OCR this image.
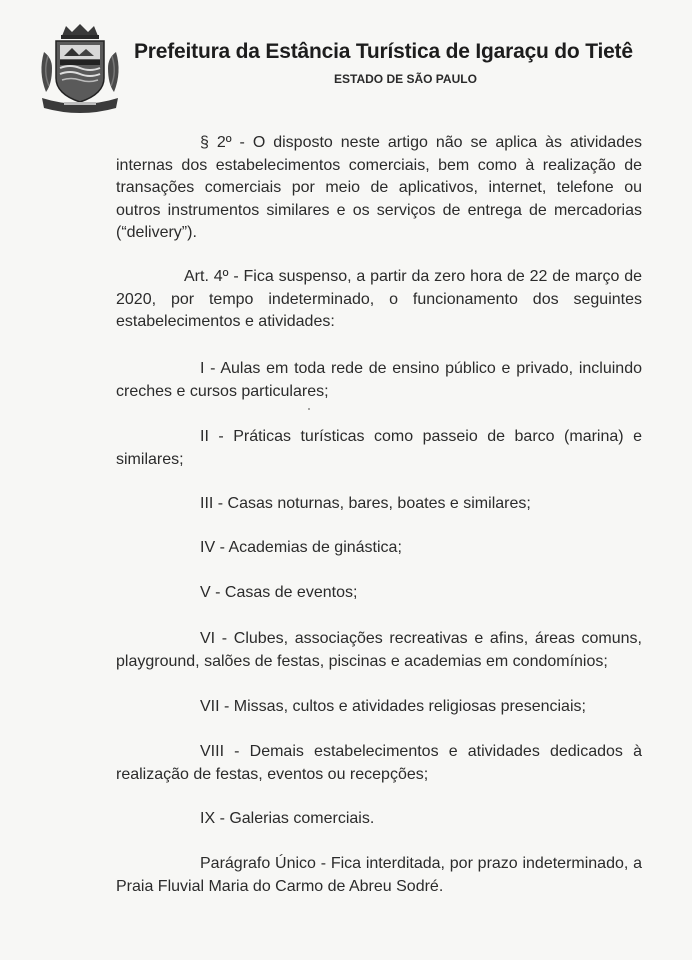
Prefeitura da Estância Turística de Igaraçu do Tietê
ESTADO DE SÃO PAULO

§ 2º - O disposto neste artigo não se aplica às atividades internas dos estabelecimentos comerciais, bem como à realização de transações comerciais por meio de aplicativos, internet, telefone ou outros instrumentos similares e os serviços de entrega de mercadorias (“delivery”).

Art. 4º - Fica suspenso, a partir da zero hora de 22 de março de 2020, por tempo indeterminado, o funcionamento dos seguintes estabelecimentos e atividades:

I - Aulas em toda rede de ensino público e privado, incluindo creches e cursos particulares;

II - Práticas turísticas como passeio de barco (marina) e similares;

III - Casas noturnas, bares, boates e similares;

IV - Academias de ginástica;

V - Casas de eventos;

VI - Clubes, associações recreativas e afins, áreas comuns, playground, salões de festas, piscinas e academias em condomínios;

VII - Missas, cultos e atividades religiosas presenciais;

VIII - Demais estabelecimentos e atividades dedicados à realização de festas, eventos ou recepções;

IX - Galerias comerciais.

Parágrafo Único - Fica interditada, por prazo indeterminado, a Praia Fluvial Maria do Carmo de Abreu Sodré.
